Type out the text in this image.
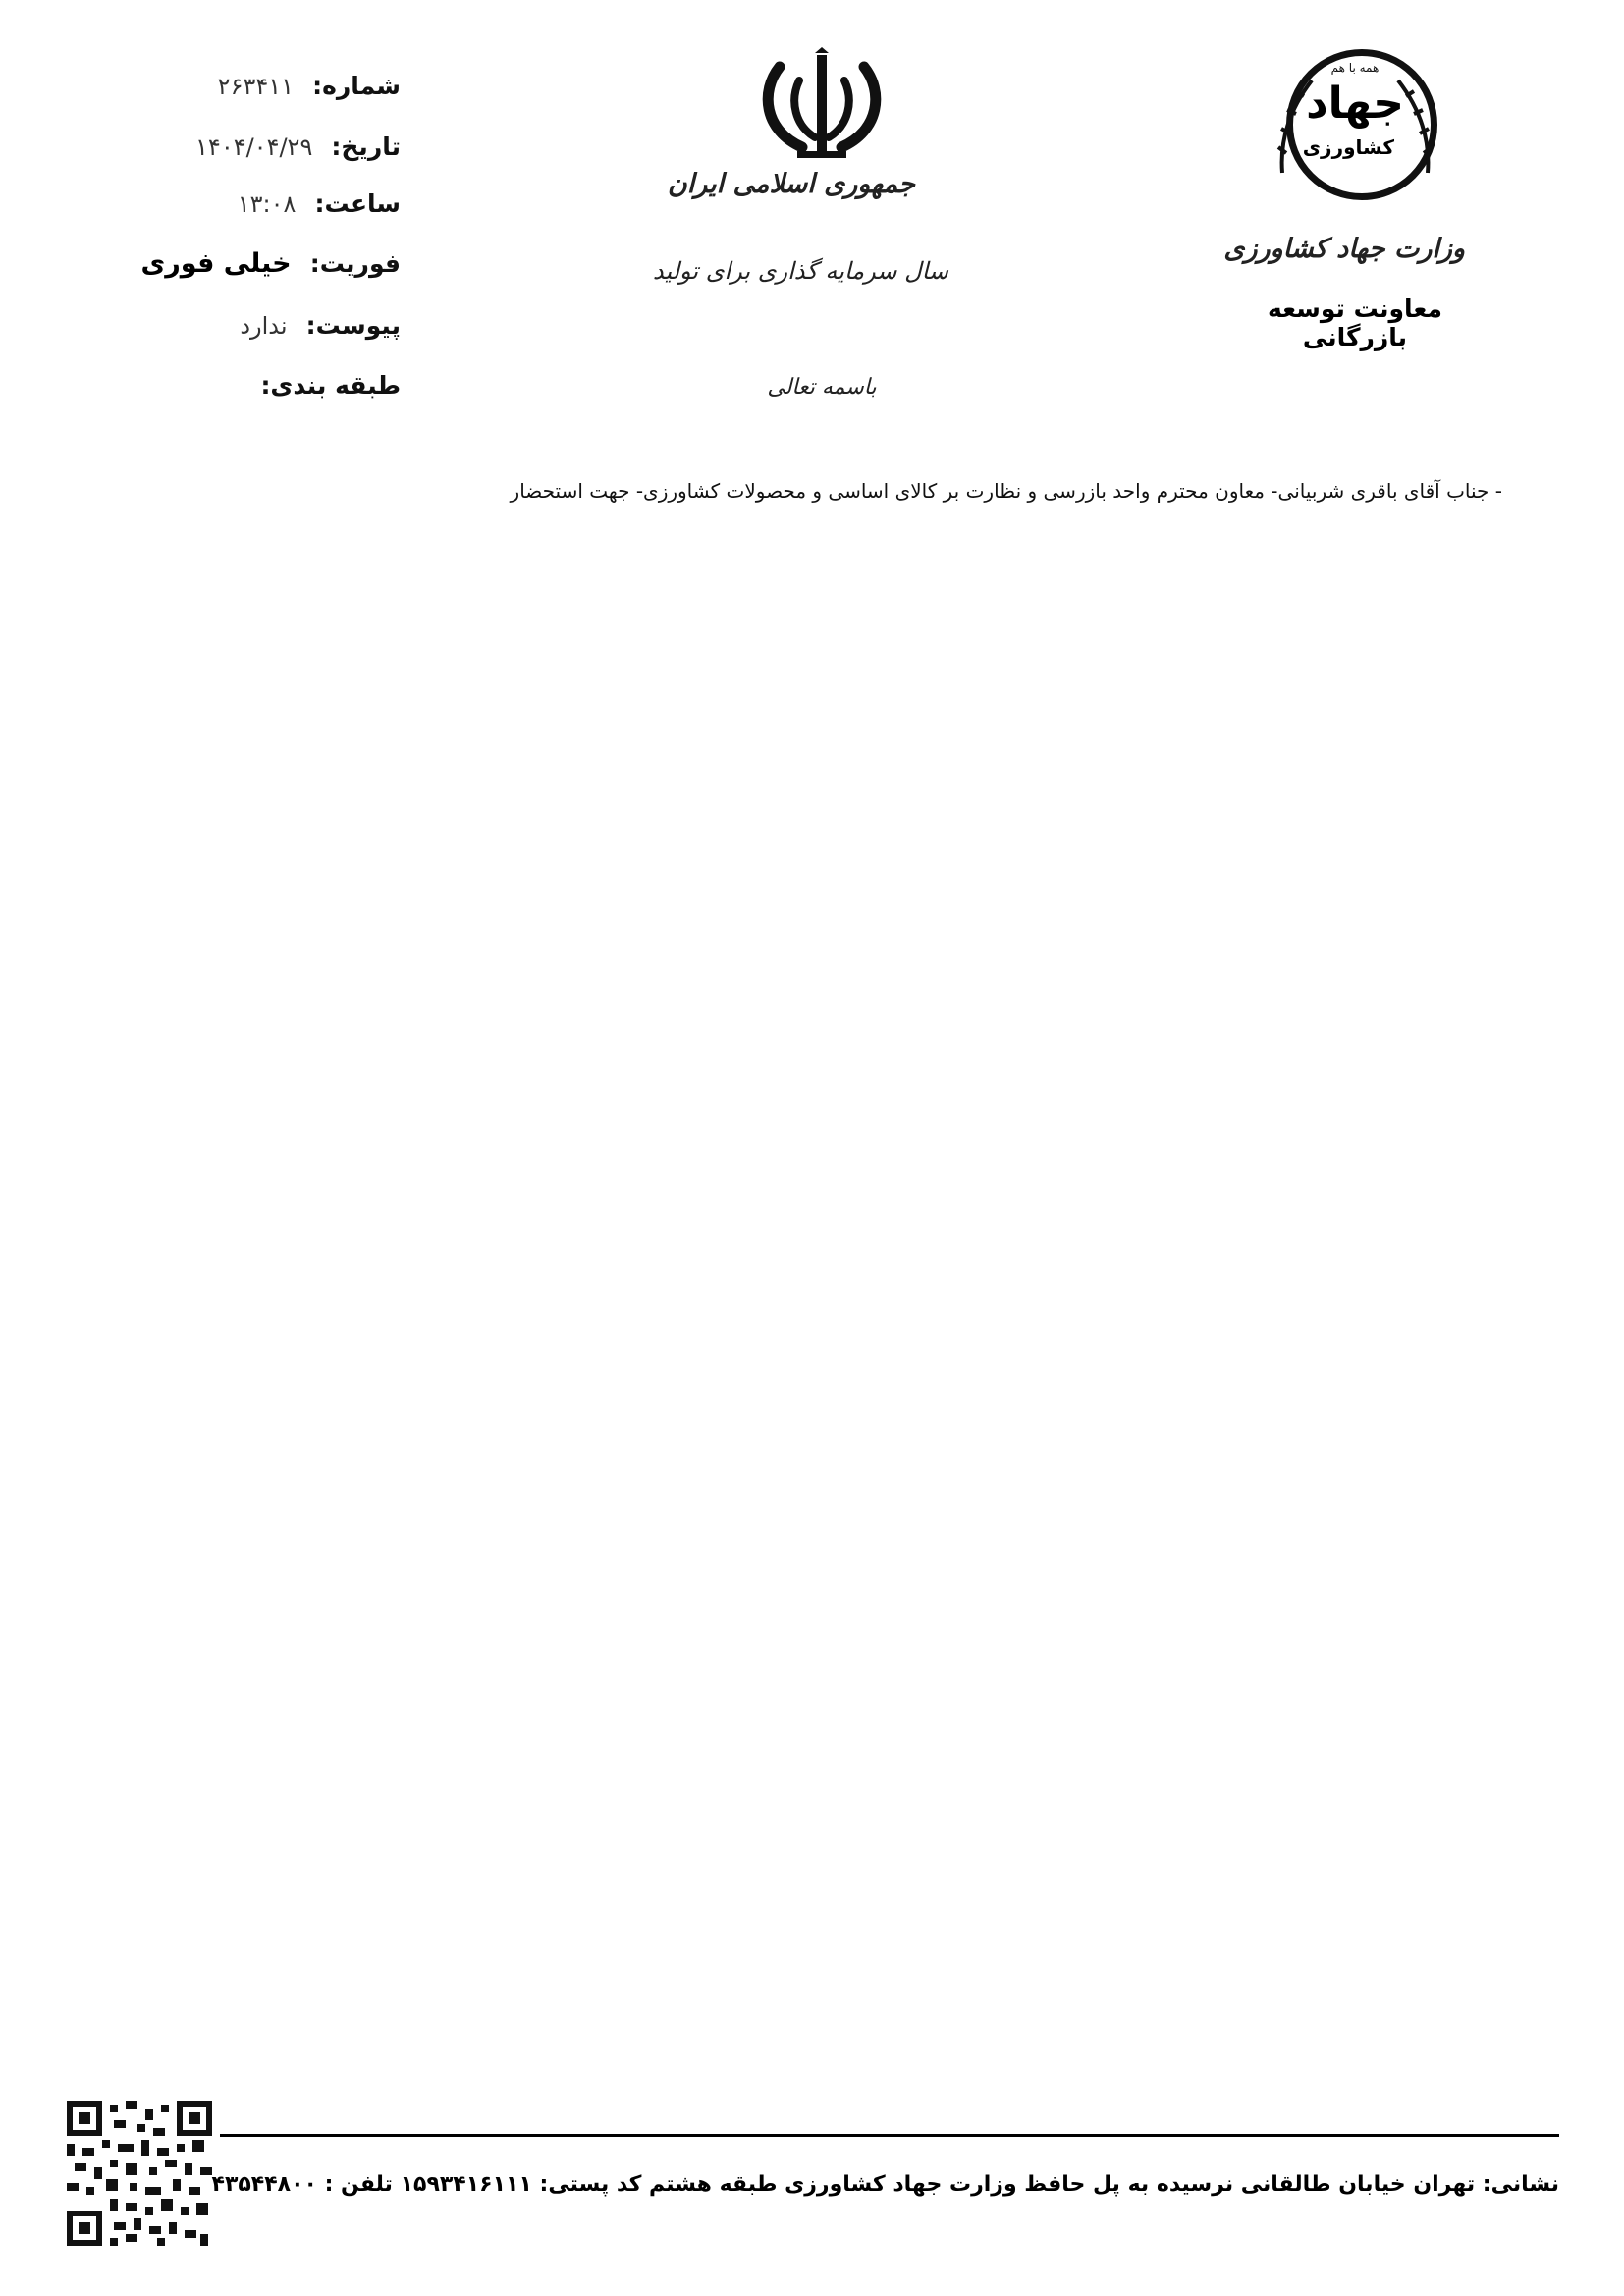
شماره: ۲۶۳۴۱۱
تاریخ: ۱۴۰۴/۰۴/۲۹
ساعت: ۱۳:۰۸
فوریت: خیلی فوری
پیوست: ندارد
طبقه بندی:
جمهوری اسلامی ایران
سال سرمایه گذاری برای تولید
باسمه تعالی
همه با هم
جهاد
کشاورزی
وزارت جهاد کشاورزی
معاونت توسعه بازرگانی
- جناب آقای باقری شربیانی- معاون محترم واحد بازرسی و نظارت بر کالای اساسی و محصولات کشاورزی- جهت استحضار
نشانی: تهران خیابان طالقانی نرسیده به پل حافظ وزارت جهاد کشاورزی طبقه هشتم کد پستی: ۱۵۹۳۴۱۶۱۱۱ تلفن : ۴۳۵۴۴۸۰۰
